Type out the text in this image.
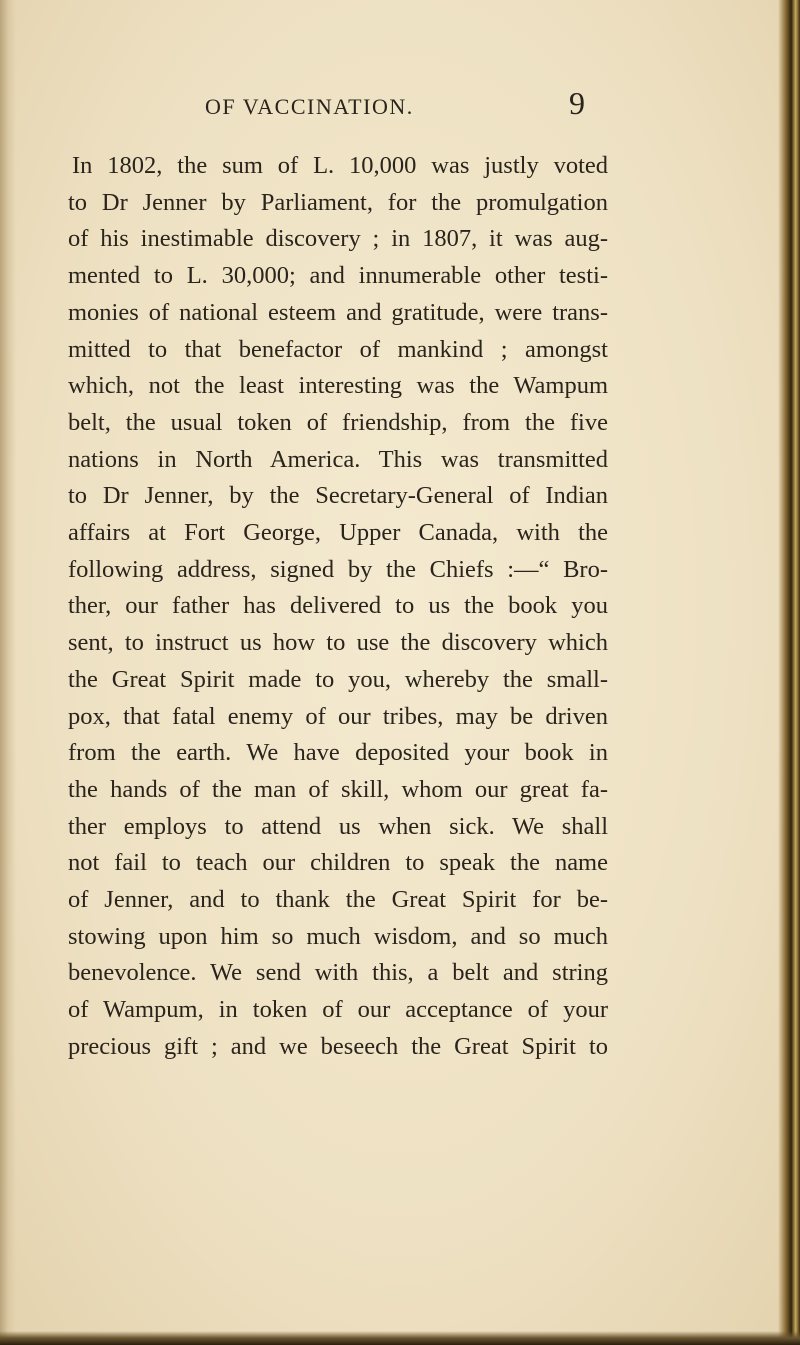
OF VACCINATION.	9
In 1802, the sum of L. 10,000 was justly voted
to Dr Jenner by Parliament, for the promulgation
of his inestimable discovery ; in 1807, it was aug-
mented to L. 30,000; and innumerable other testi-
monies of national esteem and gratitude, were trans-
mitted to that benefactor of mankind ; amongst
which, not the least interesting was the Wampum
belt, the usual token of friendship, from the five
nations in North America. This was transmitted
to Dr Jenner, by the Secretary-General of Indian
affairs at Fort George, Upper Canada, with the
following address, signed by the Chiefs :—“ Bro-
ther, our father has delivered to us the book you
sent, to instruct us how to use the discovery which
the Great Spirit made to you, whereby the small-
pox, that fatal enemy of our tribes, may be driven
from the earth. We have deposited your book in
the hands of the man of skill, whom our great fa-
ther employs to attend us when sick. We shall
not fail to teach our children to speak the name
of Jenner, and to thank the Great Spirit for be-
stowing upon him so much wisdom, and so much
benevolence. We send with this, a belt and string
of Wampum, in token of our acceptance of your
precious gift ; and we beseech the Great Spirit to
